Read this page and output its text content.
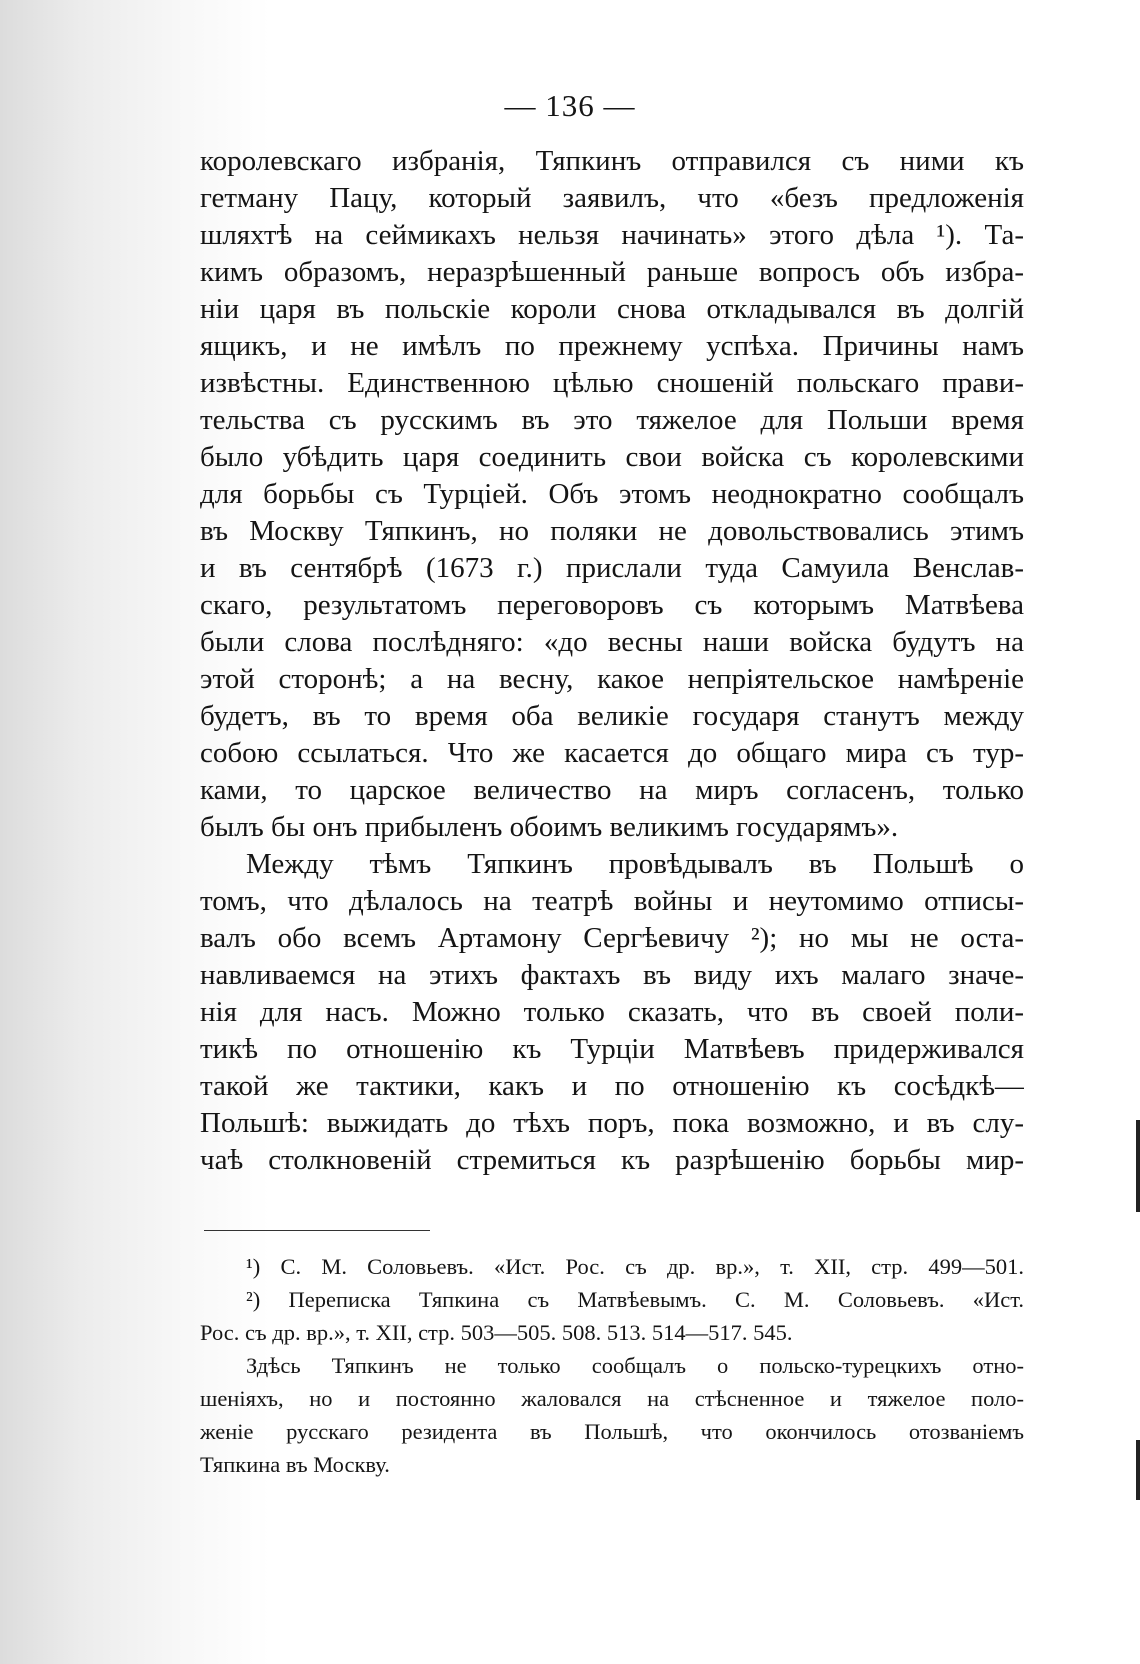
— 136 —
королевскаго избранія, Тяпкинъ отправился съ ними къ
гетману Пацу, который заявилъ, что «безъ предложенія
шляхтѣ на сеймикахъ нельзя начинать» этого дѣла ¹). Та-
кимъ образомъ, неразрѣшенный раньше вопросъ объ избра-
ніи царя въ польскіе короли снова откладывался въ долгій
ящикъ, и не имѣлъ по прежнему успѣха. Причины намъ
извѣстны. Единственною цѣлью сношеній польскаго прави-
тельства съ русскимъ въ это тяжелое для Польши время
было убѣдить царя соединить свои войска съ королевскими
для борьбы съ Турціей. Объ этомъ неоднократно сообщалъ
въ Москву Тяпкинъ, но поляки не довольствовались этимъ
и въ сентябрѣ (1673 г.) прислали туда Самуила Венслав-
скаго, результатомъ переговоровъ съ которымъ Матвѣева
были слова послѣдняго: «до весны наши войска будутъ на
этой сторонѣ; а на весну, какое непріятельское намѣреніе
будетъ, въ то время оба великіе государя станутъ между
собою ссылаться. Что же касается до общаго мира съ тур-
ками, то царское величество на миръ согласенъ, только
былъ бы онъ прибыленъ обоимъ великимъ государямъ».
Между тѣмъ Тяпкинъ провѣдывалъ въ Польшѣ о
томъ, что дѣлалось на театрѣ войны и неутомимо отписы-
валъ обо всемъ Артамону Сергѣевичу ²); но мы не оста-
навливаемся на этихъ фактахъ въ виду ихъ малаго значе-
нія для насъ. Можно только сказать, что въ своей поли-
тикѣ по отношенію къ Турціи Матвѣевъ придерживался
такой же тактики, какъ и по отношенію къ сосѣдкѣ—
Польшѣ: выжидать до тѣхъ поръ, пока возможно, и въ слу-
чаѣ столкновеній стремиться къ разрѣшенію борьбы мир-
¹) С. М. Соловьевъ. «Ист. Рос. съ др. вр.», т. XII, стр. 499—501.
²) Переписка Тяпкина съ Матвѣевымъ. С. М. Соловьевъ. «Ист.
Рос. съ др. вр.», т. XII, стр. 503—505. 508. 513. 514—517. 545.
Здѣсь Тяпкинъ не только сообщалъ о польско-турецкихъ отно-
шеніяхъ, но и постоянно жаловался на стѣсненное и тяжелое поло-
женіе русскаго резидента въ Польшѣ, что окончилось отозваніемъ
Тяпкина въ Москву.
